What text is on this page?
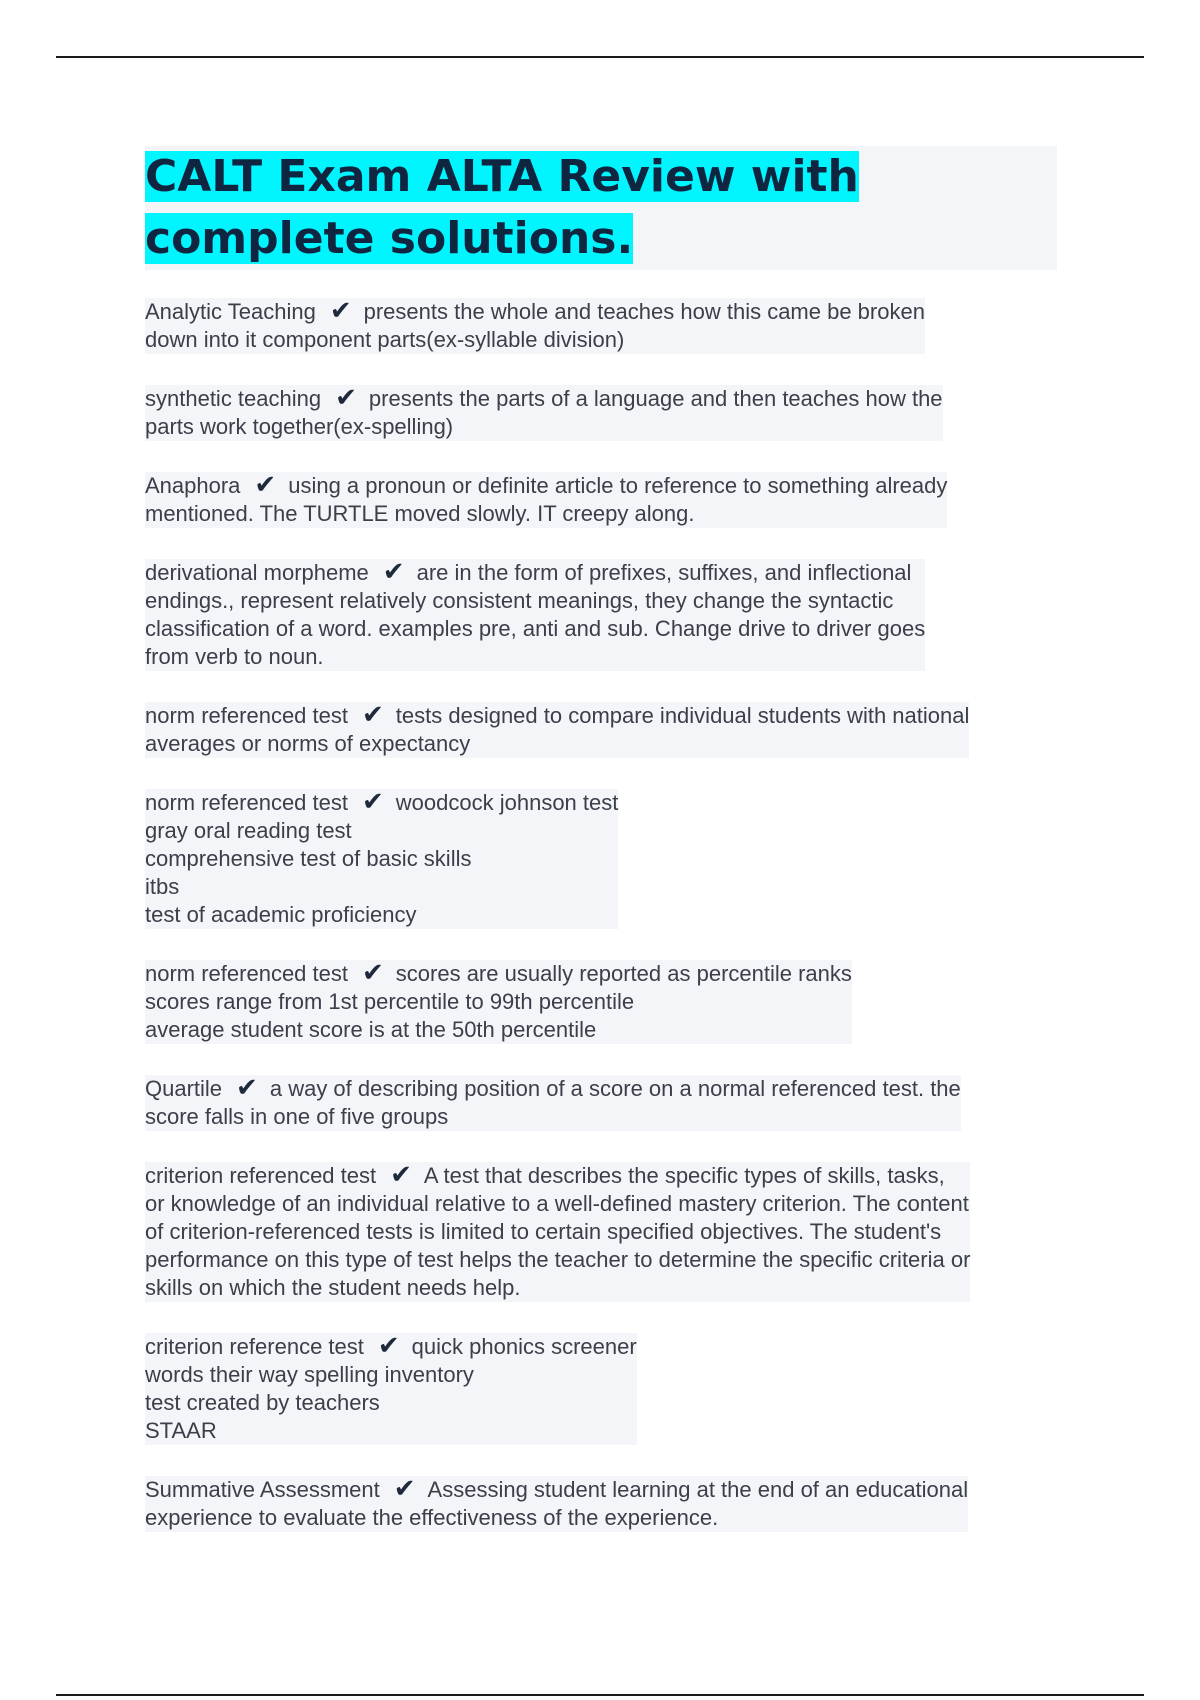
CALT Exam ALTA Review with complete solutions.
Analytic Teaching ✔ presents the whole and teaches how this came be broken
down into it component parts(ex-syllable division)
synthetic teaching ✔ presents the parts of a language and then teaches how the
parts work together(ex-spelling)
Anaphora ✔ using a pronoun or definite article to reference to something already
mentioned. The TURTLE moved slowly. IT creepy along.
derivational morpheme ✔ are in the form of prefixes, suffixes, and inflectional
endings., represent relatively consistent meanings, they change the syntactic
classification of a word. examples pre, anti and sub. Change drive to driver goes
from verb to noun.
norm referenced test ✔ tests designed to compare individual students with national
averages or norms of expectancy
norm referenced test ✔ woodcock johnson test
gray oral reading test
comprehensive test of basic skills
itbs
test of academic proficiency
norm referenced test ✔ scores are usually reported as percentile ranks
scores range from 1st percentile to 99th percentile
average student score is at the 50th percentile
Quartile ✔ a way of describing position of a score on a normal referenced test. the
score falls in one of five groups
criterion referenced test ✔ A test that describes the specific types of skills, tasks,
or knowledge of an individual relative to a well-defined mastery criterion. The content
of criterion-referenced tests is limited to certain specified objectives. The student's
performance on this type of test helps the teacher to determine the specific criteria or
skills on which the student needs help.
criterion reference test ✔ quick phonics screener
words their way spelling inventory
test created by teachers
STAAR
Summative Assessment ✔ Assessing student learning at the end of an educational
experience to evaluate the effectiveness of the experience.
